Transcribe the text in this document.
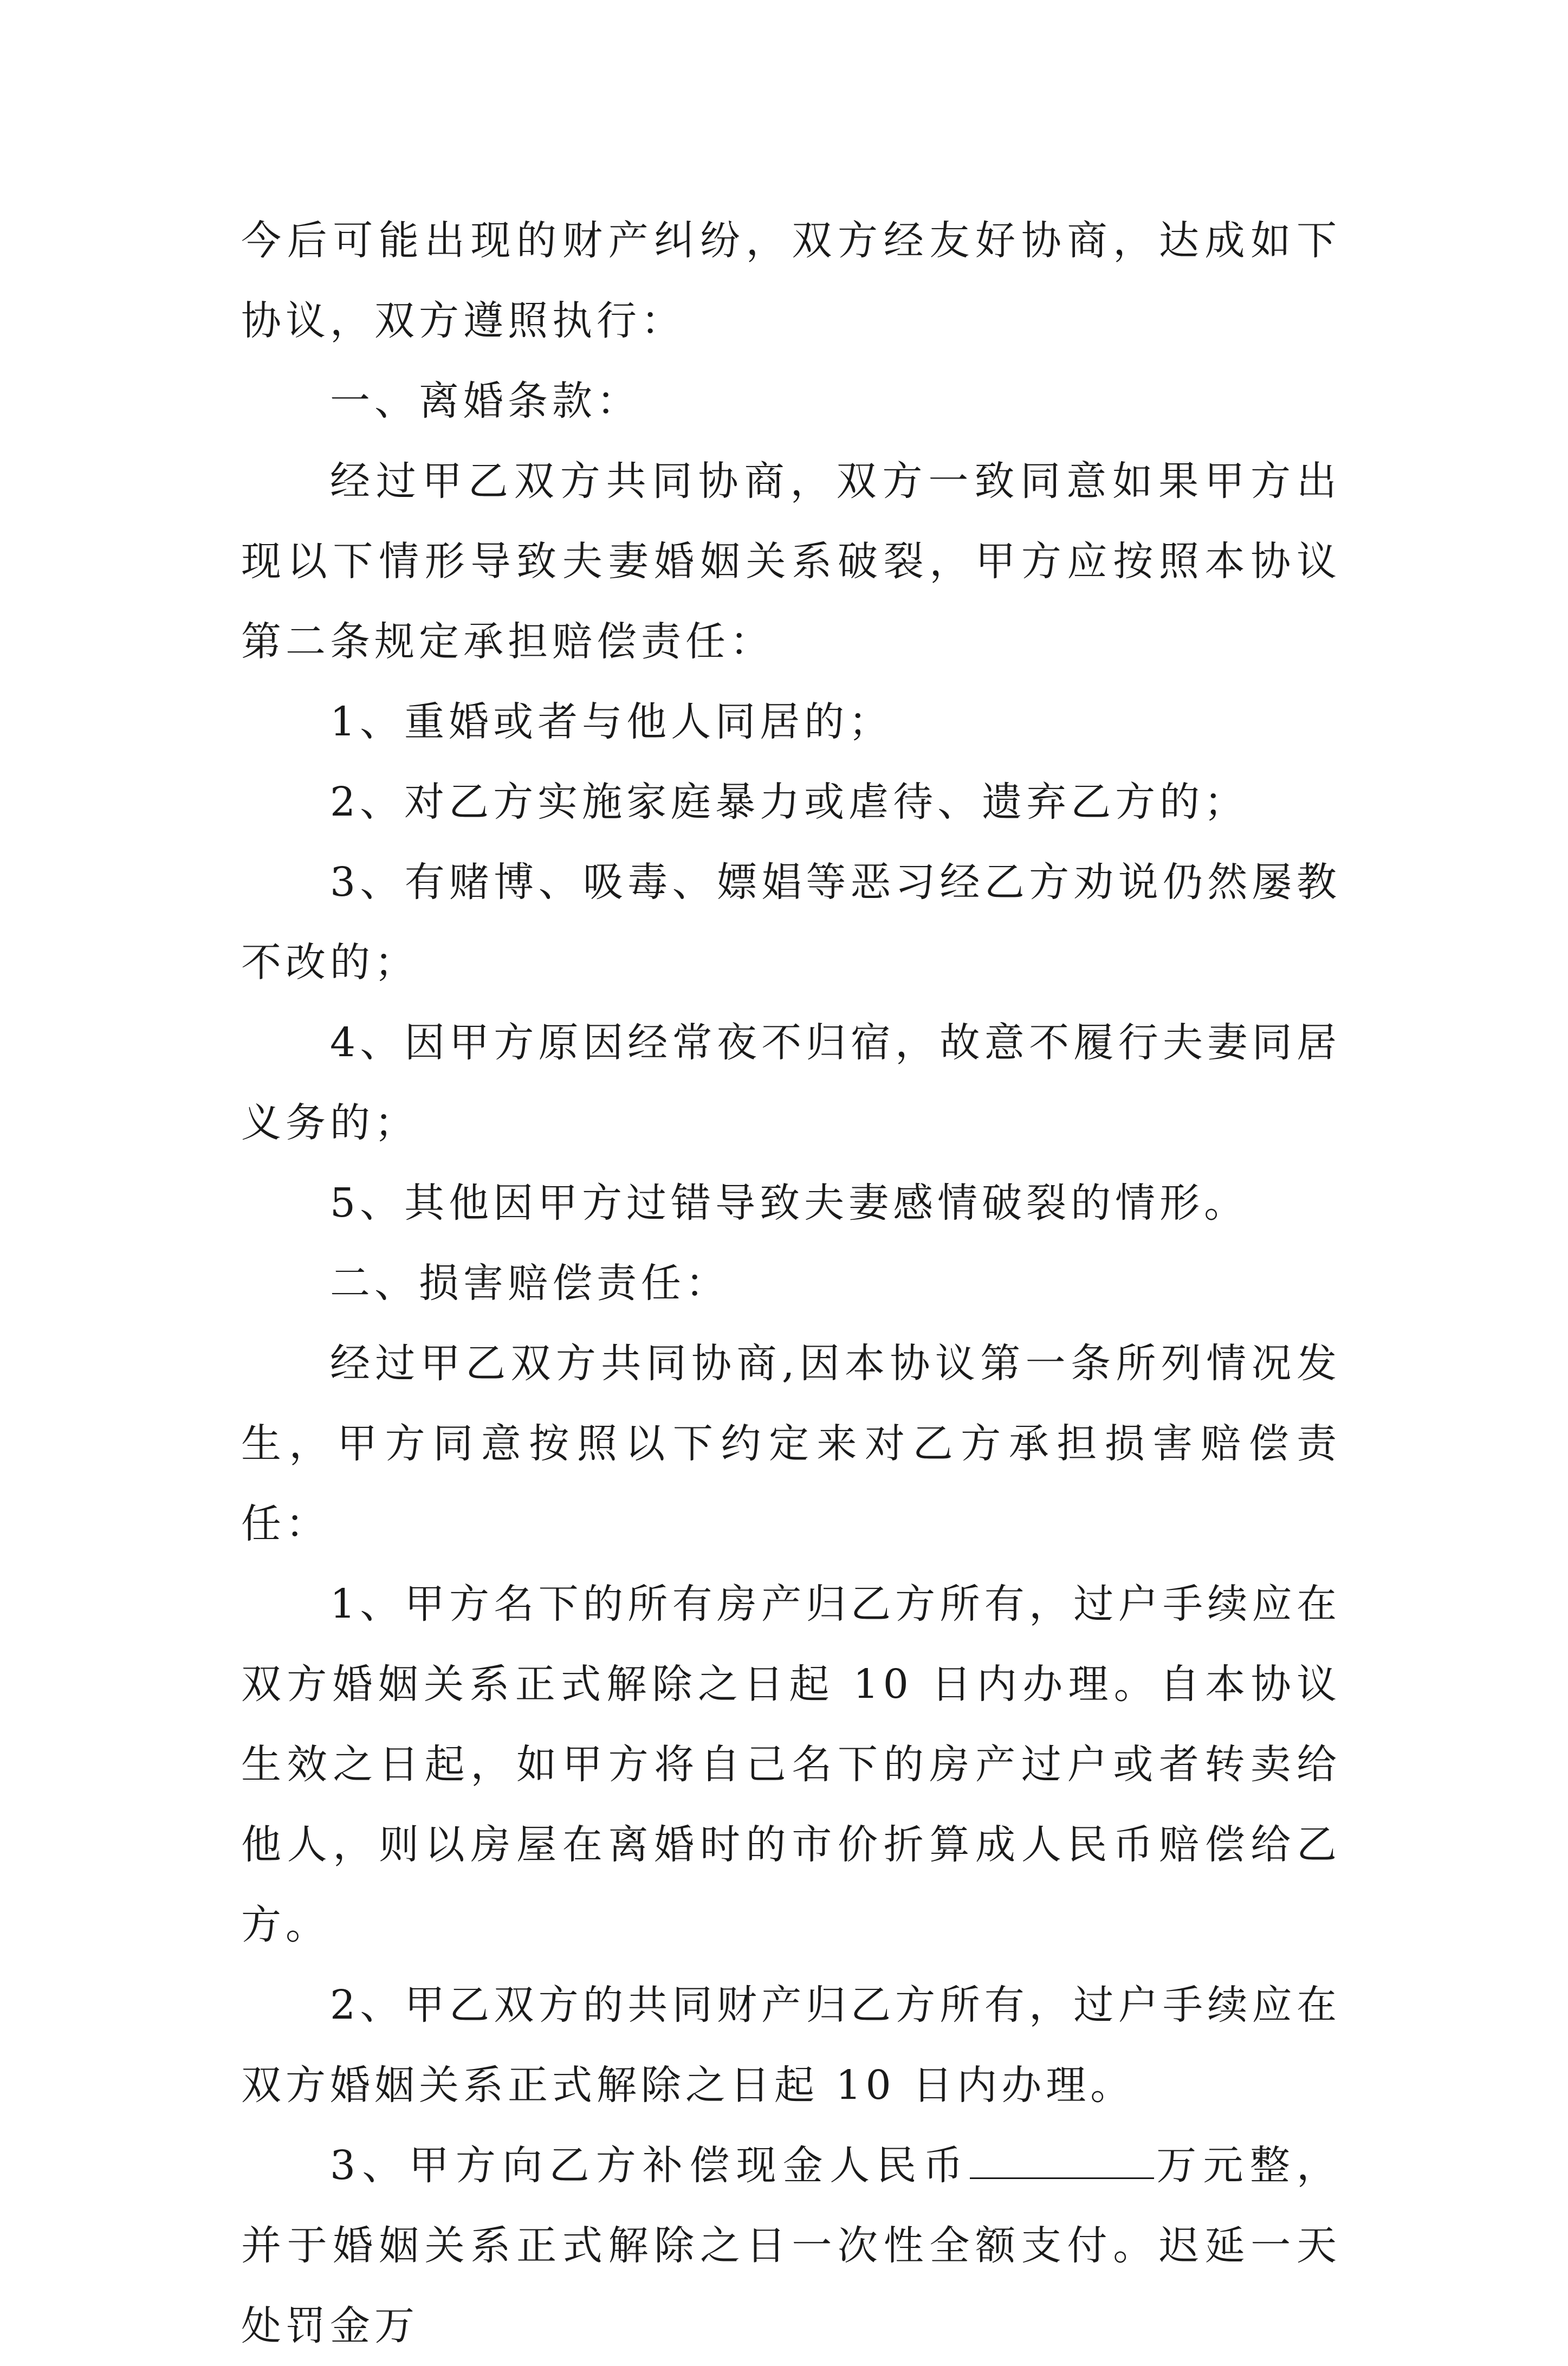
今后可能出现的财产纠纷，双方经友好协商，达成如下协议，双方遵照执行：

一、离婚条款：

经过甲乙双方共同协商，双方一致同意如果甲方出现以下情形导致夫妻婚姻关系破裂，甲方应按照本协议第二条规定承担赔偿责任：

1、重婚或者与他人同居的；

2、对乙方实施家庭暴力或虐待、遗弃乙方的；

3、有赌博、吸毒、嫖娼等恶习经乙方劝说仍然屡教不改的；

4、因甲方原因经常夜不归宿，故意不履行夫妻同居义务的；

5、其他因甲方过错导致夫妻感情破裂的情形。

二、损害赔偿责任：

经过甲乙双方共同协商,因本协议第一条所列情况发生，甲方同意按照以下约定来对乙方承担损害赔偿责任：

1、甲方名下的所有房产归乙方所有，过户手续应在双方婚姻关系正式解除之日起 10 日内办理。自本协议生效之日起，如甲方将自己名下的房产过户或者转卖给他人，则以房屋在离婚时的市价折算成人民币赔偿给乙方。

2、甲乙双方的共同财产归乙方所有，过户手续应在双方婚姻关系正式解除之日起 10 日内办理。

3、甲方向乙方补偿现金人民币	万元整，并于婚姻关系正式解除之日一次性全额支付。迟延一天处罚金万
